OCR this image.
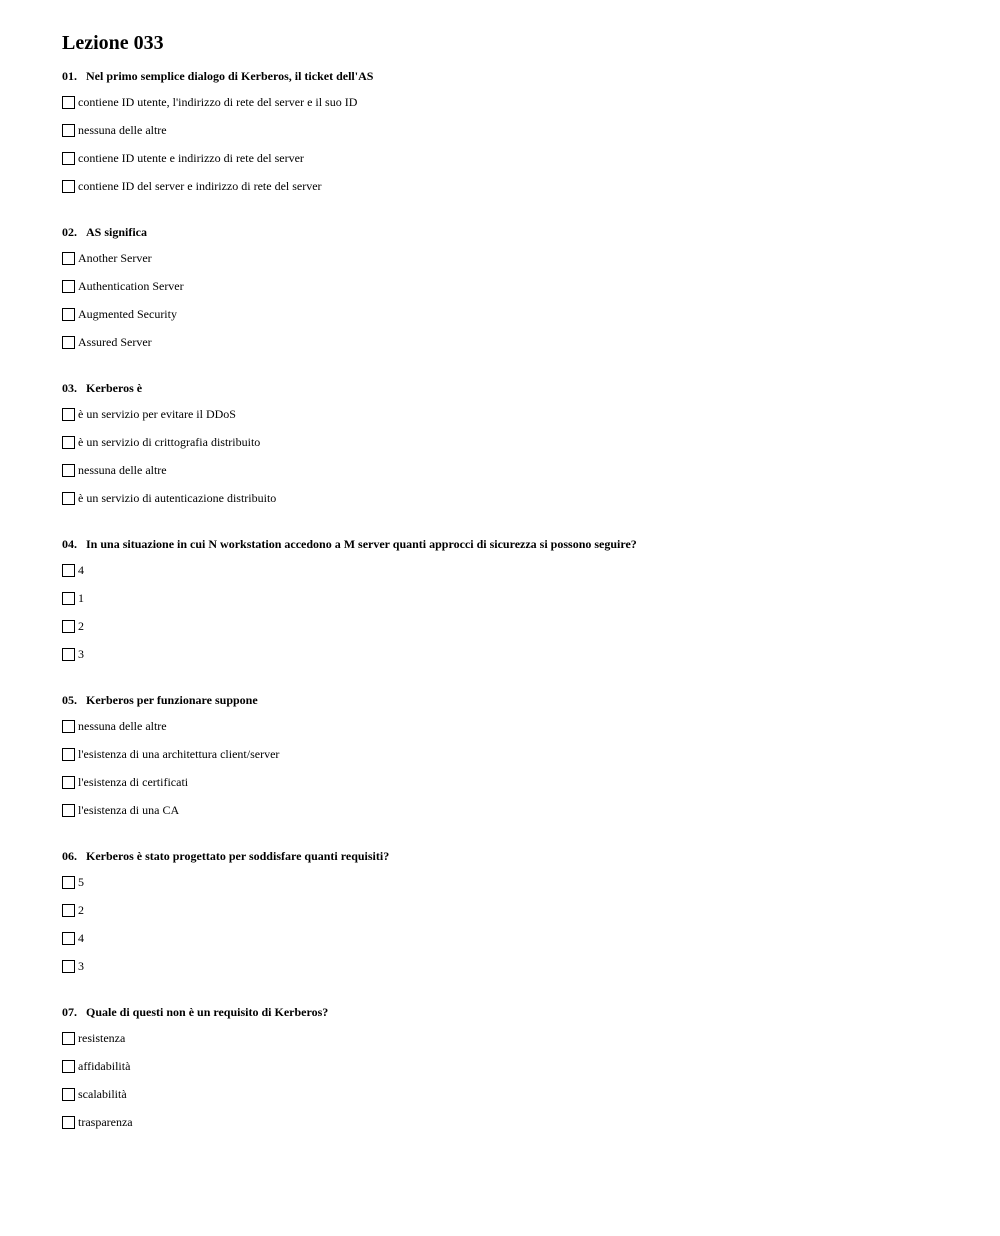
Lezione 033
01. Nel primo semplice dialogo di Kerberos, il ticket dell'AS
contiene ID utente, l'indirizzo di rete del server e il suo ID
nessuna delle altre
contiene ID utente e indirizzo di rete del server
contiene ID del server e indirizzo di rete del server
02. AS significa
Another Server
Authentication Server
Augmented Security
Assured Server
03. Kerberos è
è un servizio per evitare il DDoS
è un servizio di crittografia distribuito
nessuna delle altre
è un servizio di autenticazione distribuito
04. In una situazione in cui N workstation accedono a M server quanti approcci di sicurezza si possono seguire?
4
1
2
3
05. Kerberos per funzionare suppone
nessuna delle altre
l'esistenza di una architettura client/server
l'esistenza di certificati
l'esistenza di una CA
06. Kerberos è stato progettato per soddisfare quanti requisiti?
5
2
4
3
07. Quale di questi non è un requisito di Kerberos?
resistenza
affidabilità
scalabilità
trasparenza
